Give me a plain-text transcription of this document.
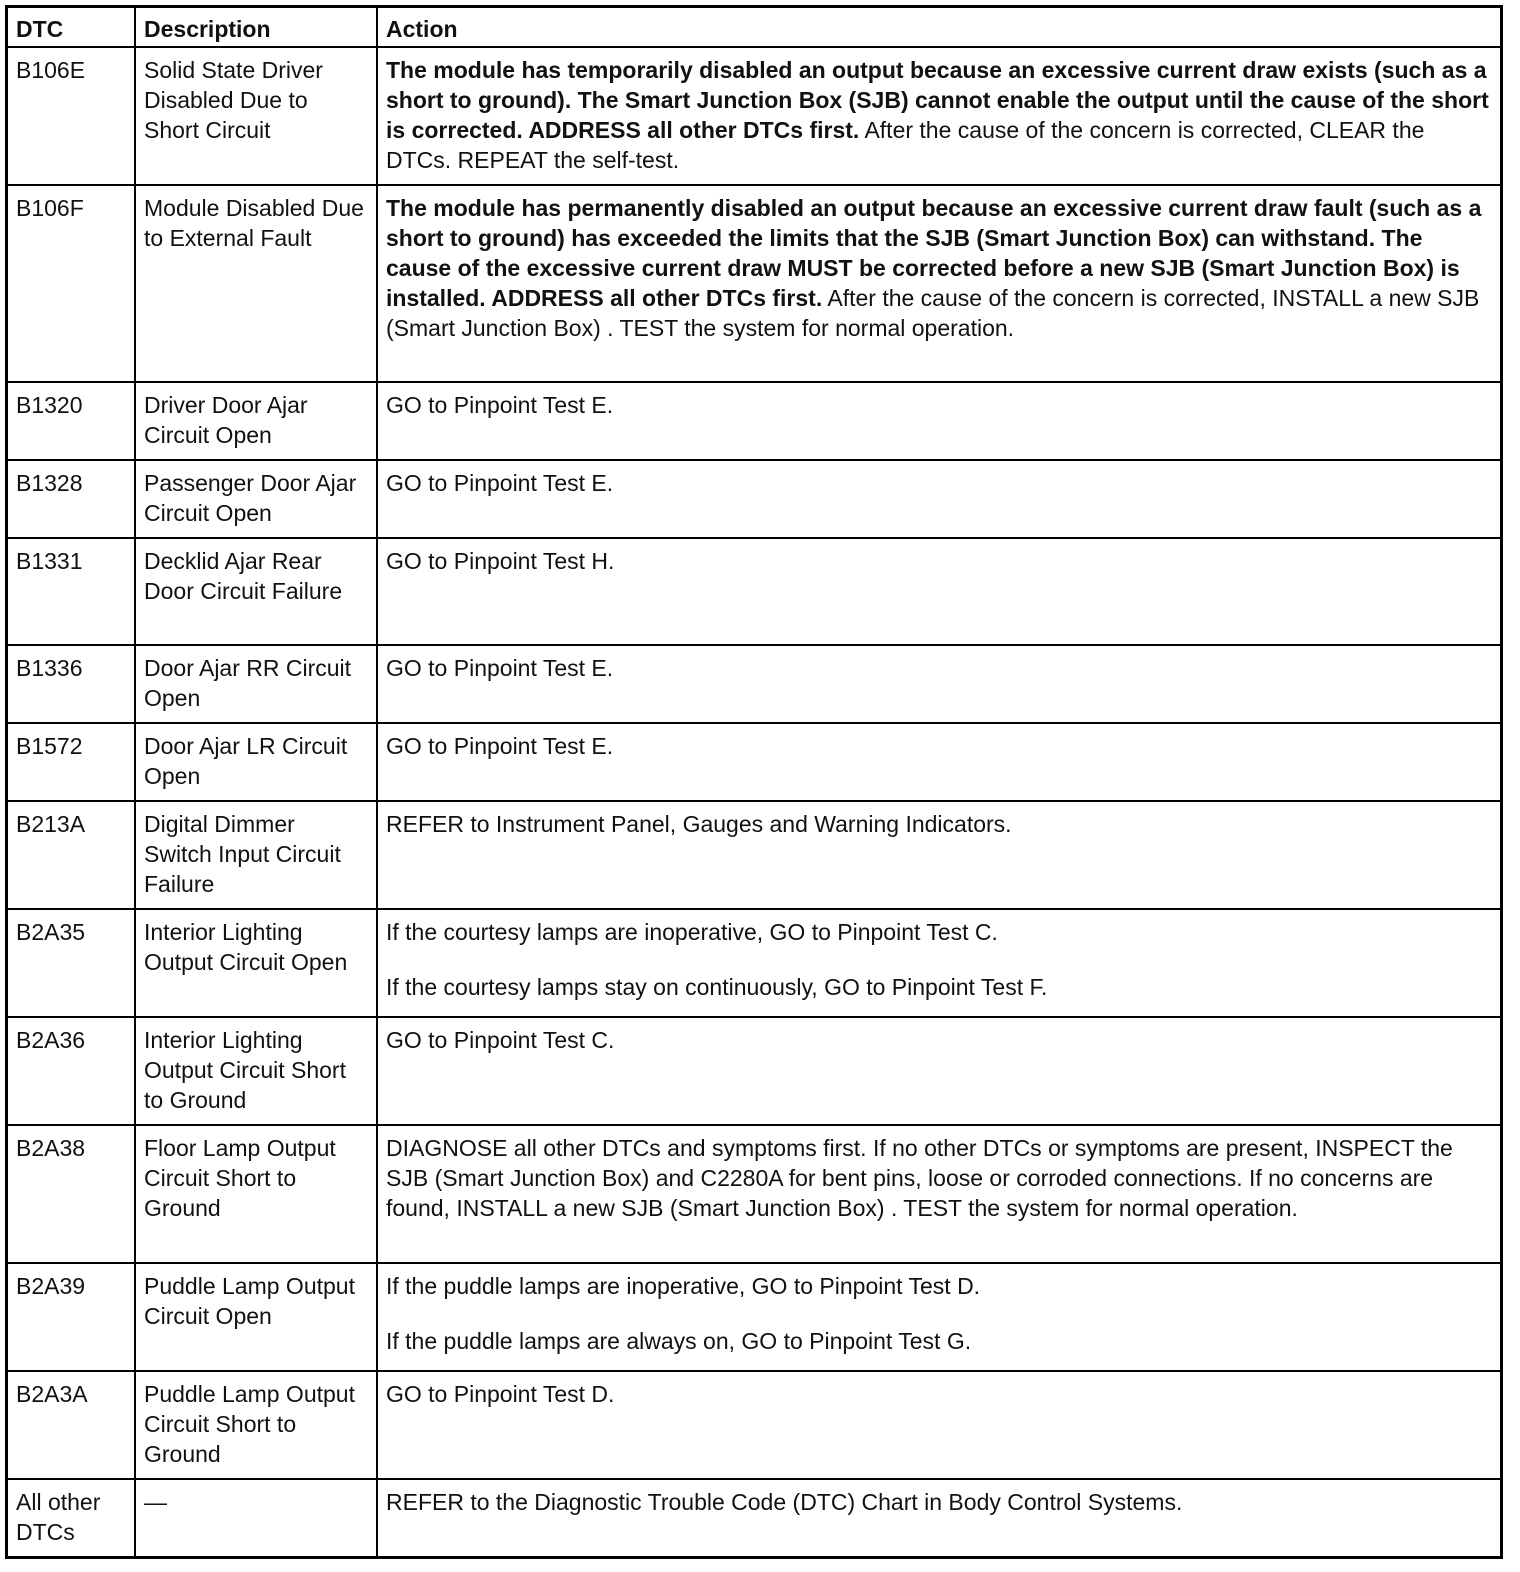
DTC	Description	Action
B106E	Solid State Driver Disabled Due to Short Circuit	The module has temporarily disabled an output because an excessive current draw exists (such as a short to ground). The Smart Junction Box (SJB) cannot enable the output until the cause of the short is corrected. ADDRESS all other DTCs first. After the cause of the concern is corrected, CLEAR the DTCs. REPEAT the self-test.

B106F	Module Disabled Due to External Fault	The module has permanently disabled an output because an excessive current draw fault (such as a short to ground) has exceeded the limits that the SJB (Smart Junction Box) can withstand. The cause of the excessive current draw MUST be corrected before a new SJB (Smart Junction Box) is installed. ADDRESS all other DTCs first. After the cause of the concern is corrected, INSTALL a new SJB (Smart Junction Box) . TEST the system for normal operation.

B1320	Driver Door Ajar Circuit Open	GO to Pinpoint Test E.

B1328	Passenger Door Ajar Circuit Open	GO to Pinpoint Test E.

B1331	Decklid Ajar Rear Door Circuit Failure	GO to Pinpoint Test H.

B1336	Door Ajar RR Circuit Open	GO to Pinpoint Test E.

B1572	Door Ajar LR Circuit Open	GO to Pinpoint Test E.

B213A	Digital Dimmer Switch Input Circuit Failure	REFER to Instrument Panel, Gauges and Warning Indicators.

B2A35	Interior Lighting Output Circuit Open	If the courtesy lamps are inoperative, GO to Pinpoint Test C.
If the courtesy lamps stay on continuously, GO to Pinpoint Test F.

B2A36	Interior Lighting Output Circuit Short to Ground	GO to Pinpoint Test C.

B2A38	Floor Lamp Output Circuit Short to Ground	DIAGNOSE all other DTCs and symptoms first. If no other DTCs or symptoms are present, INSPECT the SJB (Smart Junction Box) and C2280A for bent pins, loose or corroded connections. If no concerns are found, INSTALL a new SJB (Smart Junction Box) . TEST the system for normal operation.

B2A39	Puddle Lamp Output Circuit Open	If the puddle lamps are inoperative, GO to Pinpoint Test D.
If the puddle lamps are always on, GO to Pinpoint Test G.

B2A3A	Puddle Lamp Output Circuit Short to Ground	GO to Pinpoint Test D.

All other DTCs	—	REFER to the Diagnostic Trouble Code (DTC) Chart in Body Control Systems.
